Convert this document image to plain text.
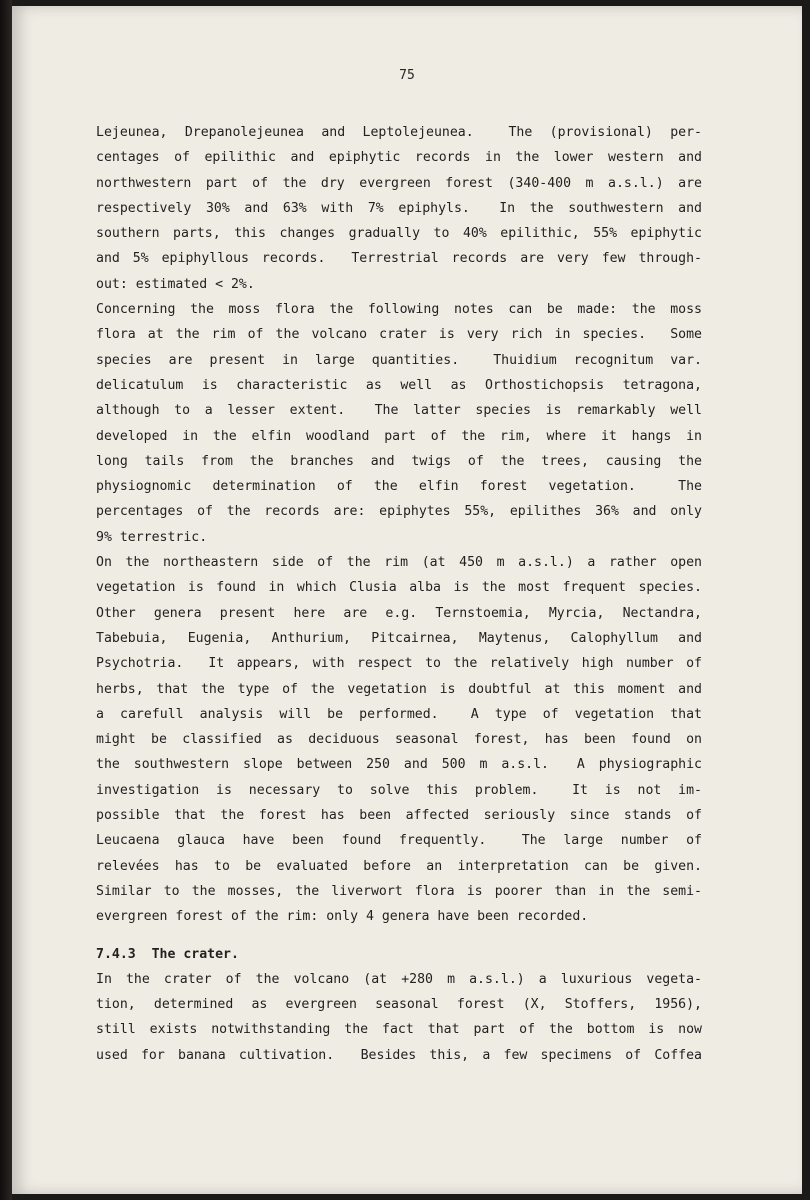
75
Lejeunea, Drepanolejeunea and Leptolejeunea.  The (provisional) per-
centages of epilithic and epiphytic records in the lower western and
northwestern part of the dry evergreen forest (340-400 m a.s.l.) are
respectively 30% and 63% with 7% epiphyls.  In the southwestern and
southern parts, this changes gradually to 40% epilithic, 55% epiphytic
and 5% epiphyllous records.  Terrestrial records are very few through-
out: estimated < 2%.
Concerning the moss flora the following notes can be made: the moss
flora at the rim of the volcano crater is very rich in species.  Some
species are present in large quantities.  Thuidium recognitum var.
delicatulum is characteristic as well as Orthostichopsis tetragona,
although to a lesser extent.  The latter species is remarkably well
developed in the elfin woodland part of the rim, where it hangs in
long tails from the branches and twigs of the trees, causing the
physiognomic determination of the elfin forest vegetation.  The
percentages of the records are: epiphytes 55%, epilithes 36% and only
9% terrestric.
On the northeastern side of the rim (at 450 m a.s.l.) a rather open
vegetation is found in which Clusia alba is the most frequent species.
Other genera present here are e.g. Ternstoemia, Myrcia, Nectandra,
Tabebuia, Eugenia, Anthurium, Pitcairnea, Maytenus, Calophyllum and
Psychotria.  It appears, with respect to the relatively high number of
herbs, that the type of the vegetation is doubtful at this moment and
a carefull analysis will be performed.  A type of vegetation that
might be classified as deciduous seasonal forest, has been found on
the southwestern slope between 250 and 500 m a.s.l.  A physiographic
investigation is necessary to solve this problem.  It is not im-
possible that the forest has been affected seriously since stands of
Leucaena glauca have been found frequently.  The large number of
relevées has to be evaluated before an interpretation can be given.
Similar to the mosses, the liverwort flora is poorer than in the semi-
evergreen forest of the rim: only 4 genera have been recorded.
7.4.3  The crater.
In the crater of the volcano (at +280 m a.s.l.) a luxurious vegeta-
tion, determined as evergreen seasonal forest (X, Stoffers, 1956),
still exists notwithstanding the fact that part of the bottom is now
used for banana cultivation.  Besides this, a few specimens of Coffea
